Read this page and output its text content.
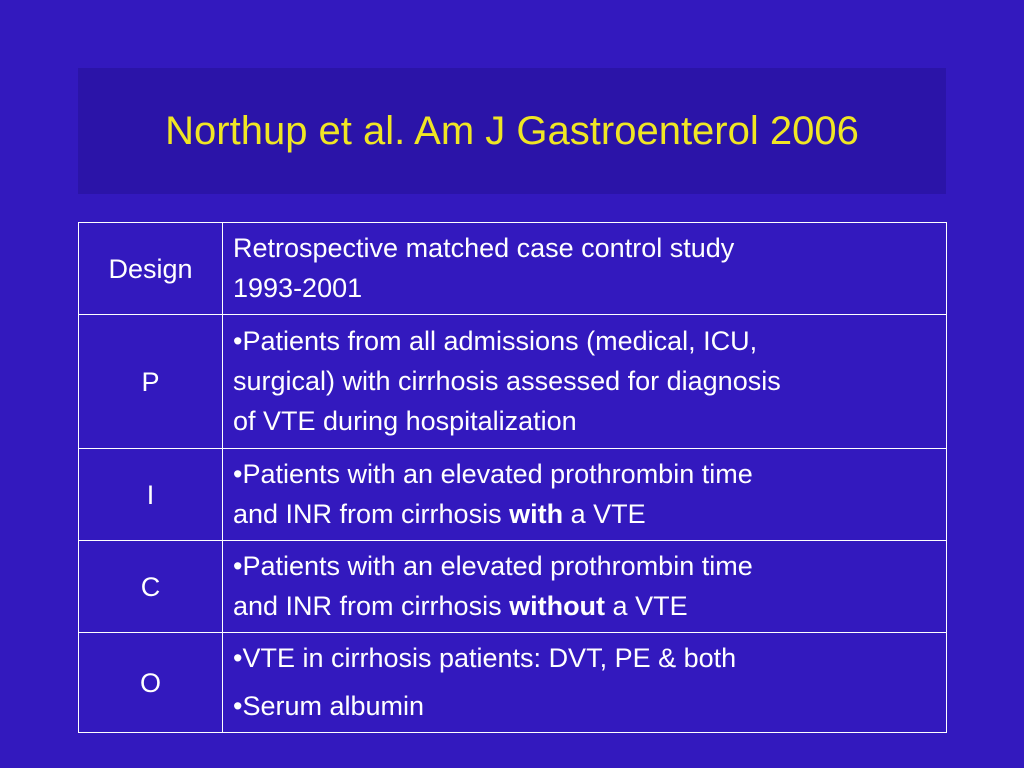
Northup et al. Am J Gastroenterol 2006
Design	Retrospective matched case control study
1993-2001

P	•Patients from all admissions (medical, ICU,
surgical) with cirrhosis assessed for diagnosis
of VTE during hospitalization

I	•Patients with an elevated prothrombin time
and INR from cirrhosis with a VTE

C	•Patients with an elevated prothrombin time
and INR from cirrhosis without a VTE

O	•VTE in cirrhosis patients: DVT, PE & both
•Serum albumin
